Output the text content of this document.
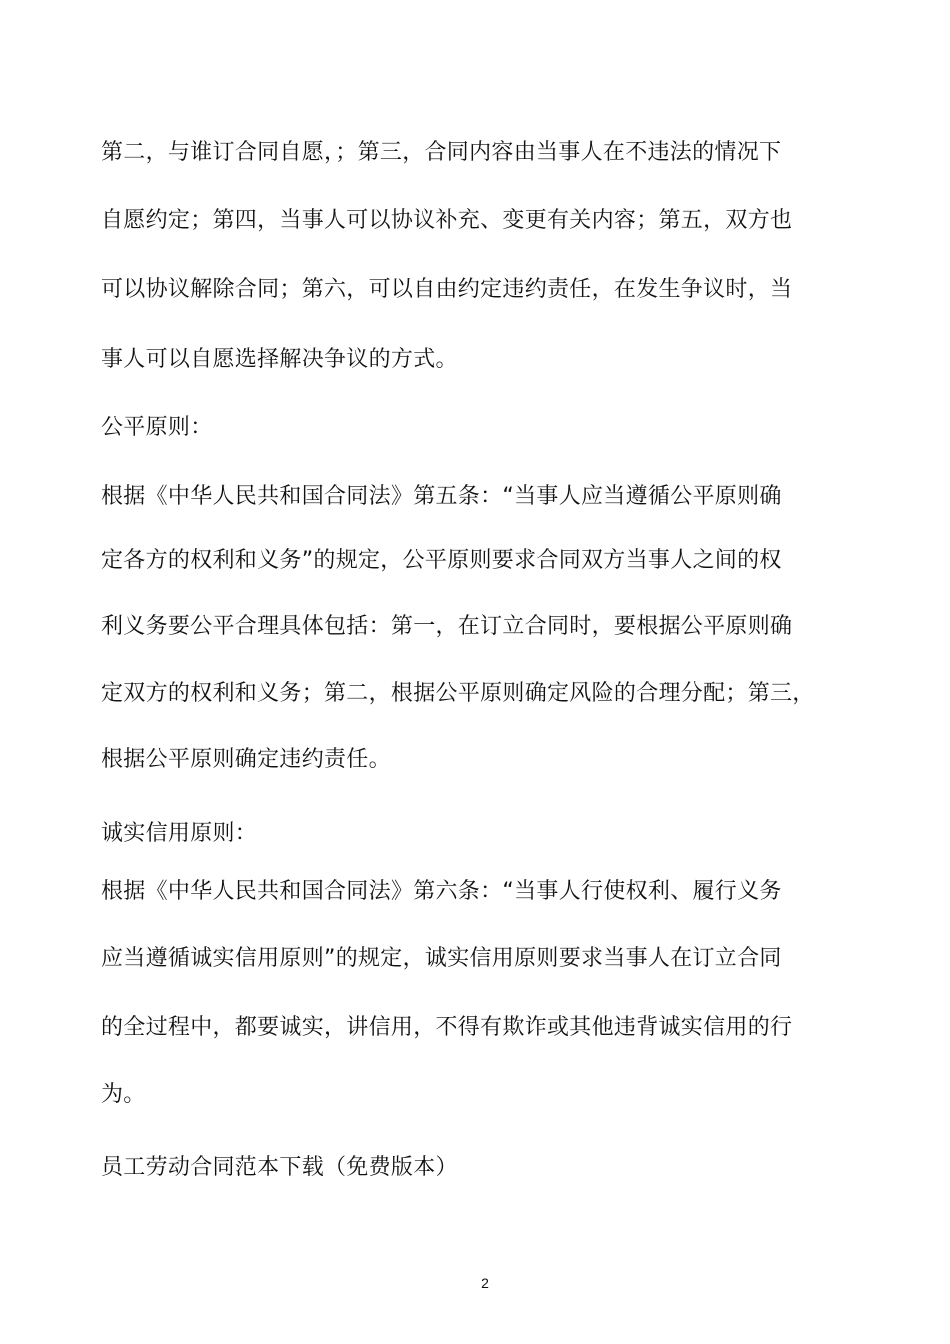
第二，与谁订合同自愿，；第三，合同内容由当事人在不违法的情况下
自愿约定；第四，当事人可以协议补充、变更有关内容；第五，双方也
可以协议解除合同；第六，可以自由约定违约责任，在发生争议时，当
事人可以自愿选择解决争议的方式。
公平原则：
根据《中华人民共和国合同法》第五条：“当事人应当遵循公平原则确
定各方的权利和义务”的规定，公平原则要求合同双方当事人之间的权
利义务要公平合理具体包括：第一，在订立合同时，要根据公平原则确
定双方的权利和义务；第二，根据公平原则确定风险的合理分配；第三，
根据公平原则确定违约责任。
诚实信用原则：
根据《中华人民共和国合同法》第六条：“当事人行使权利、履行义务
应当遵循诚实信用原则”的规定，诚实信用原则要求当事人在订立合同
的全过程中，都要诚实，讲信用，不得有欺诈或其他违背诚实信用的行
为。
员工劳动合同范本下载（免费版本）
2
